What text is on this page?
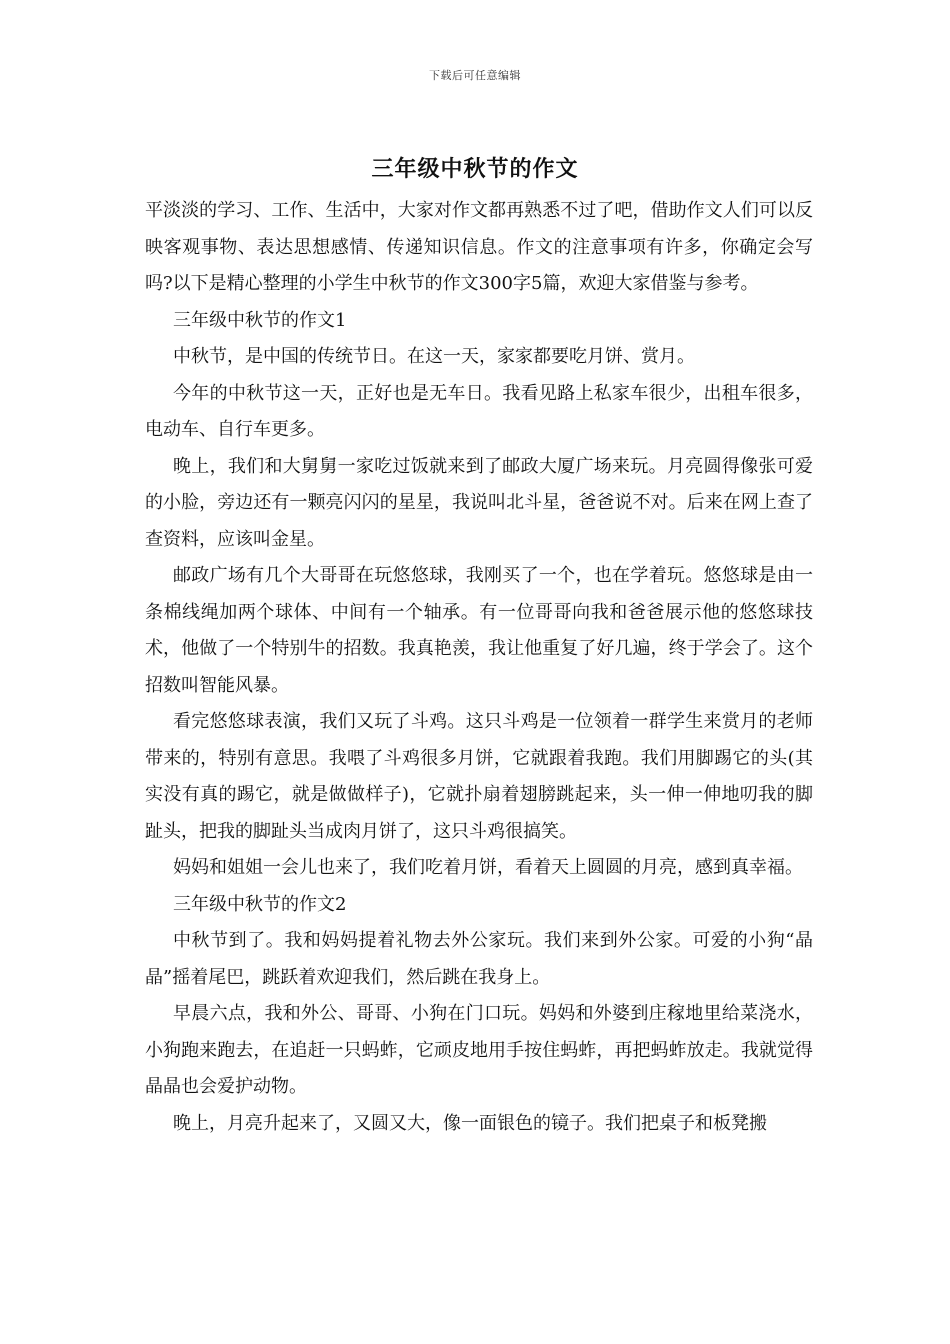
下载后可任意编辑
三年级中秋节的作文

平淡淡的学习、工作、生活中，大家对作文都再熟悉不过了吧，借助作文人们可以反映客观事物、表达思想感情、传递知识信息。作文的注意事项有许多，你确定会写吗?以下是精心整理的小学生中秋节的作文300字5篇，欢迎大家借鉴与参考。

三年级中秋节的作文1

中秋节，是中国的传统节日。在这一天，家家都要吃月饼、赏月。

今年的中秋节这一天，正好也是无车日。我看见路上私家车很少，出租车很多，电动车、自行车更多。

晚上，我们和大舅舅一家吃过饭就来到了邮政大厦广场来玩。月亮圆得像张可爱的小脸，旁边还有一颗亮闪闪的星星，我说叫北斗星，爸爸说不对。后来在网上查了查资料，应该叫金星。

邮政广场有几个大哥哥在玩悠悠球，我刚买了一个，也在学着玩。悠悠球是由一条棉线绳加两个球体、中间有一个轴承。有一位哥哥向我和爸爸展示他的悠悠球技术，他做了一个特别牛的招数。我真艳羡，我让他重复了好几遍，终于学会了。这个招数叫智能风暴。

看完悠悠球表演，我们又玩了斗鸡。这只斗鸡是一位领着一群学生来赏月的老师带来的，特别有意思。我喂了斗鸡很多月饼，它就跟着我跑。我们用脚踢它的头(其实没有真的踢它，就是做做样子)，它就扑扇着翅膀跳起来，头一伸一伸地叨我的脚趾头，把我的脚趾头当成肉月饼了，这只斗鸡很搞笑。

妈妈和姐姐一会儿也来了，我们吃着月饼，看着天上圆圆的月亮，感到真幸福。

三年级中秋节的作文2

中秋节到了。我和妈妈提着礼物去外公家玩。我们来到外公家。可爱的小狗“晶晶”摇着尾巴，跳跃着欢迎我们，然后跳在我身上。

早晨六点，我和外公、哥哥、小狗在门口玩。妈妈和外婆到庄稼地里给菜浇水，小狗跑来跑去，在追赶一只蚂蚱，它顽皮地用手按住蚂蚱，再把蚂蚱放走。我就觉得晶晶也会爱护动物。

晚上，月亮升起来了，又圆又大，像一面银色的镜子。我们把桌子和板凳搬
